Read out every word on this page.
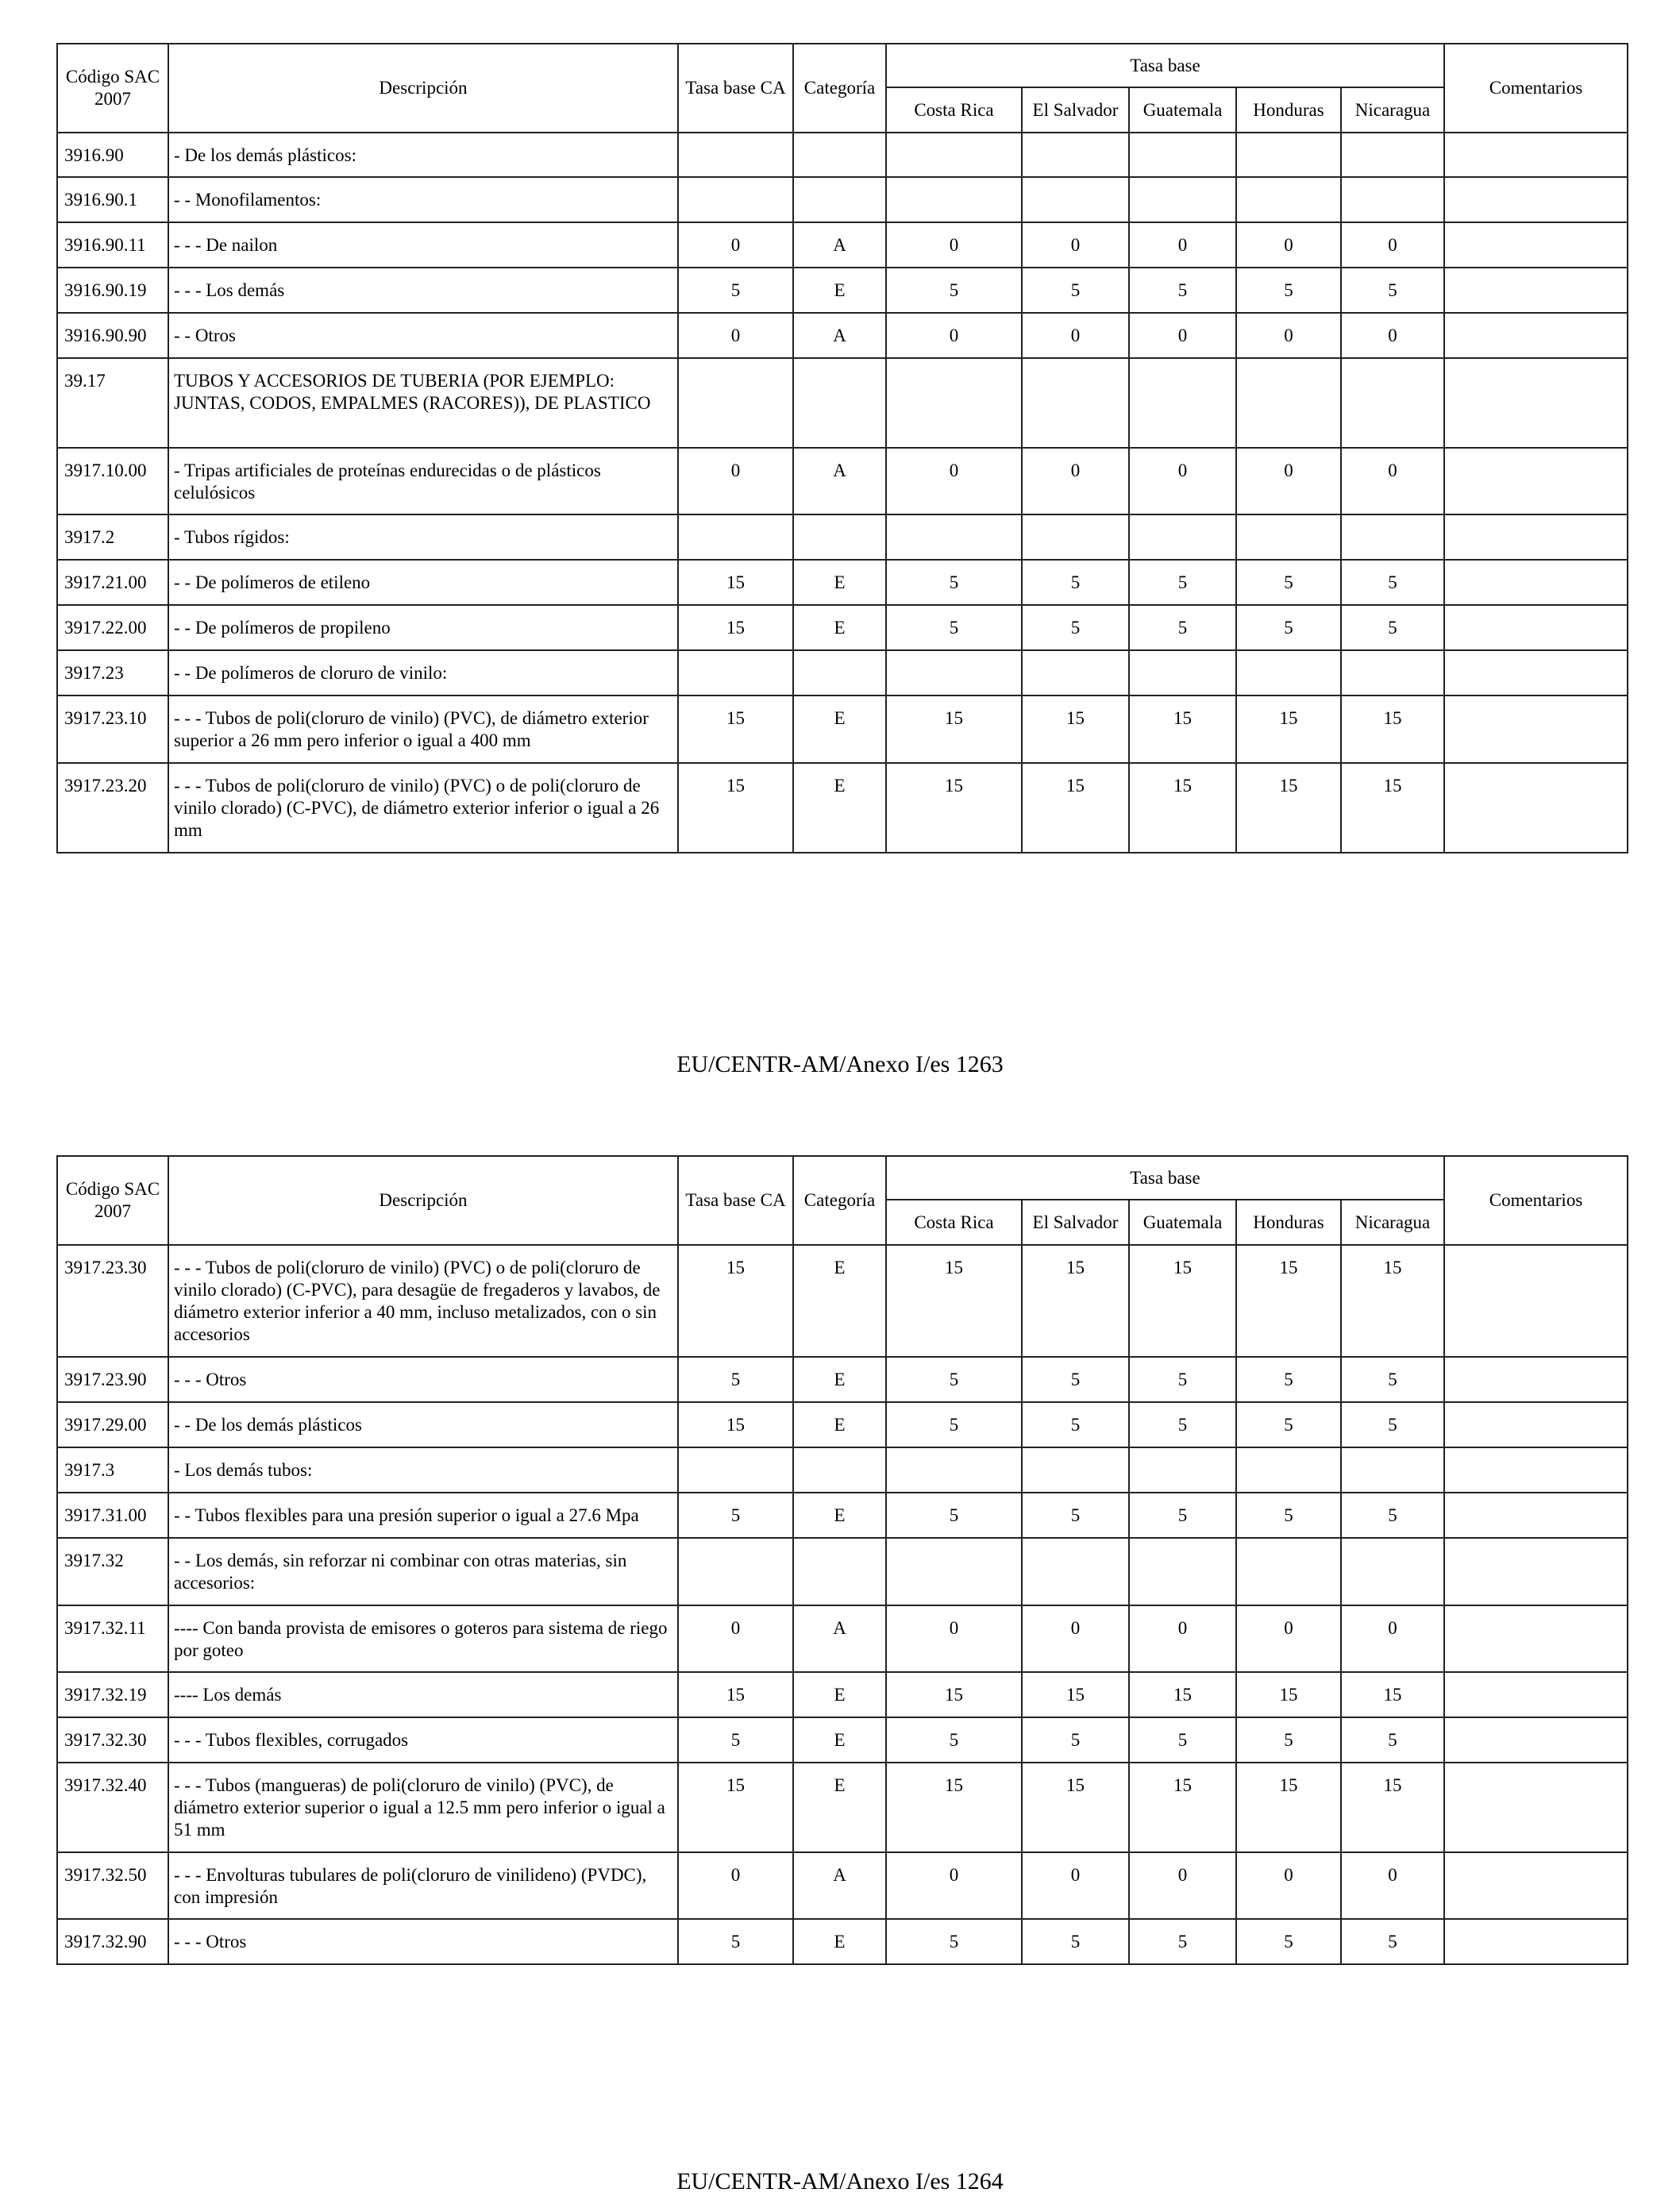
Código SAC 2007	Descripción	Tasa base CA	Categoría	Tasa base					Comentarios
				Costa Rica	El Salvador	Guatemala	Honduras	Nicaragua	
3916.90	- De los demás plásticos:								
3916.90.1	- - Monofilamentos:								
3916.90.11	- - - De nailon	0	A	0	0	0	0	0	
3916.90.19	- - - Los demás	5	E	5	5	5	5	5	
3916.90.90	- - Otros	0	A	0	0	0	0	0	
39.17	TUBOS Y ACCESORIOS DE TUBERIA (POR EJEMPLO: JUNTAS, CODOS, EMPALMES (RACORES)), DE PLASTICO								
3917.10.00	- Tripas artificiales de proteínas endurecidas o de plásticos celulósicos	0	A	0	0	0	0	0	
3917.2	- Tubos rígidos:								
3917.21.00	- - De polímeros de etileno	15	E	5	5	5	5	5	
3917.22.00	- - De polímeros de propileno	15	E	5	5	5	5	5	
3917.23	- - De polímeros de cloruro de vinilo:								
3917.23.10	- - - Tubos de poli(cloruro de vinilo) (PVC), de diámetro exterior superior a 26 mm pero inferior o igual a 400 mm	15	E	15	15	15	15	15	
3917.23.20	- - - Tubos de poli(cloruro de vinilo) (PVC) o de poli(cloruro de vinilo clorado) (C-PVC), de diámetro exterior inferior o igual a 26 mm	15	E	15	15	15	15	15	
EU/CENTR-AM/Anexo I/es 1263
Código SAC 2007	Descripción	Tasa base CA	Categoría	Tasa base					Comentarios
				Costa Rica	El Salvador	Guatemala	Honduras	Nicaragua	
3917.23.30	- - - Tubos de poli(cloruro de vinilo) (PVC) o de poli(cloruro de vinilo clorado) (C-PVC), para desagüe de fregaderos y lavabos, de diámetro exterior inferior a 40 mm, incluso metalizados, con o sin accesorios	15	E	15	15	15	15	15	
3917.23.90	- - - Otros	5	E	5	5	5	5	5	
3917.29.00	- - De los demás plásticos	15	E	5	5	5	5	5	
3917.3	- Los demás tubos:								
3917.31.00	- - Tubos flexibles para una presión superior o igual a 27.6 Mpa	5	E	5	5	5	5	5	
3917.32	- - Los demás, sin reforzar ni combinar con otras materias, sin accesorios:								
3917.32.11	---- Con banda provista de emisores o goteros para sistema de riego por goteo	0	A	0	0	0	0	0	
3917.32.19	---- Los demás	15	E	15	15	15	15	15	
3917.32.30	- - - Tubos flexibles, corrugados	5	E	5	5	5	5	5	
3917.32.40	- - - Tubos (mangueras) de poli(cloruro de vinilo) (PVC), de diámetro exterior superior o igual a 12.5 mm pero inferior o igual a 51 mm	15	E	15	15	15	15	15	
3917.32.50	- - - Envolturas tubulares de poli(cloruro de vinilideno) (PVDC), con impresión	0	A	0	0	0	0	0	
3917.32.90	- - - Otros	5	E	5	5	5	5	5	
EU/CENTR-AM/Anexo I/es 1264
